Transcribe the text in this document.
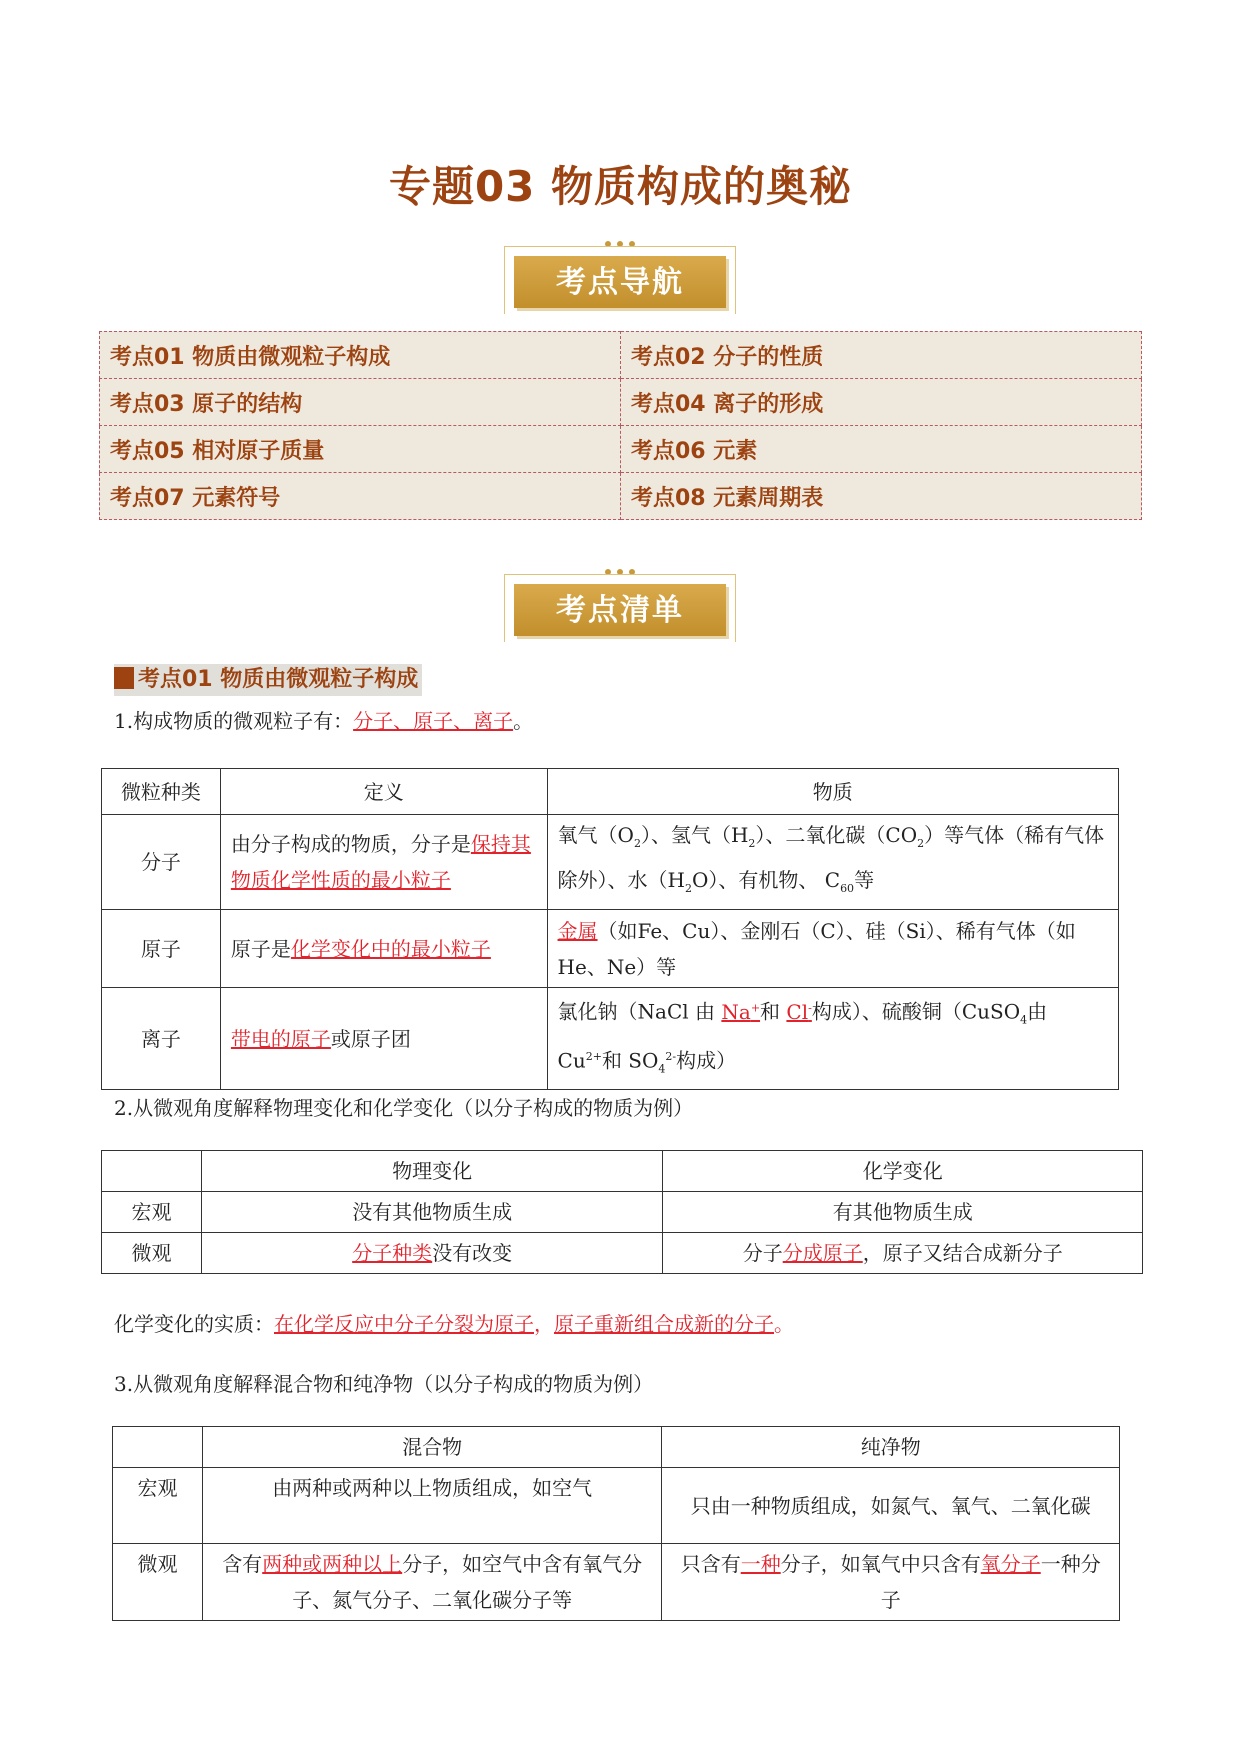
专题03 物质构成的奥秘
考点导航
考点01 物质由微观粒子构成	考点02 分子的性质
考点03 原子的结构	考点04 离子的形成
考点05 相对原子质量	考点06 元素
考点07 元素符号	考点08 元素周期表
考点清单
考点01 物质由微观粒子构成
1.构成物质的微观粒子有：分子、原子、离子。
微粒种类	定义	物质
分子	由分子构成的物质，分子是保持其物质化学性质的最小粒子	氧气$(O_2)$、氢气$(H_2)$、二氧化碳$(CO_2)$等气体（稀有气体除外）、水$(H_2O)$、有机物、 $C_{60}$等
原子	原子是化学变化中的最小粒子	金属（如Fe、Cu）、金刚石（C）、硅（Si）、稀有气体（如He、Ne）等
离子	带电的原子或原子团	氯化钠（NaCl 由 Na+和 Cl-构成）、硫酸铜（CuSO$_4$由 $Cu^{2+}$和 $SO_4^{2-}$构成）
2.从微观角度解释物理变化和化学变化（以分子构成的物质为例）
	物理变化	化学变化
宏观	没有其他物质生成	有其他物质生成
微观	分子种类没有改变	分子分成原子，原子又结合成新分子
化学变化的实质：在化学反应中分子分裂为原子，原子重新组合成新的分子。
3.从微观角度解释混合物和纯净物（以分子构成的物质为例）
	混合物	纯净物
宏观	由两种或两种以上物质组成，如空气	只由一种物质组成，如氮气、氧气、二氧化碳
微观	含有两种或两种以上分子，如空气中含有氧气分子、氮气分子、二氧化碳分子等	只含有一种分子，如氧气中只含有氧分子一种分子
